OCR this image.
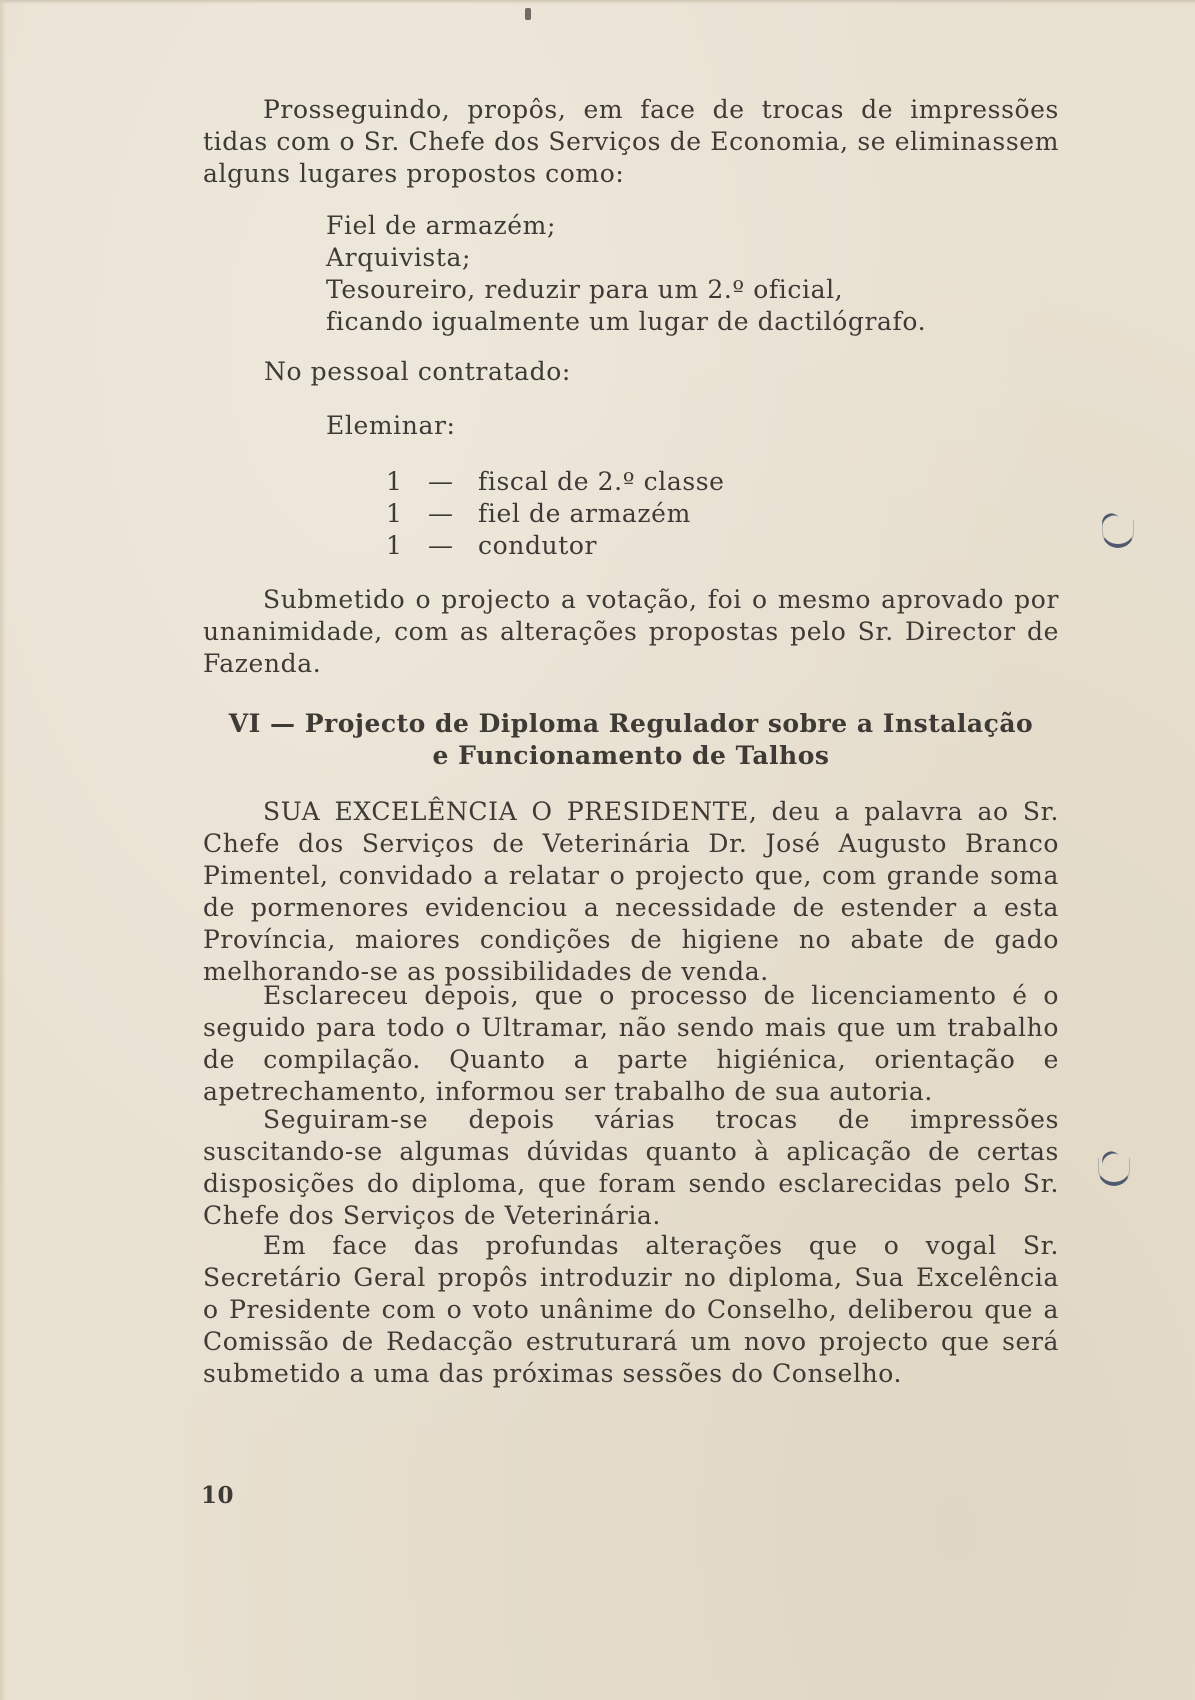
Prosseguindo, propôs, em face de trocas de impressões tidas com o Sr. Chefe dos Serviços de Economia, se eliminassem alguns lugares propostos como:

Fiel de armazém;
Arquivista;
Tesoureiro, reduzir para um 2.º oficial,
ficando igualmente um lugar de dactilógrafo.

No pessoal contratado:

Eleminar:

1	— fiscal de 2.º classe
1	— fiel de armazém
1	— condutor

Submetido o projecto a votação, foi o mesmo aprovado por unanimidade, com as alterações propostas pelo Sr. Director de Fazenda.

VI — Projecto de Diploma Regulador sobre a Instalação
e Funcionamento de Talhos

SUA EXCELÊNCIA O PRESIDENTE, deu a palavra ao Sr. Chefe dos Serviços de Veterinária Dr. José Augusto Branco Pimentel, convidado a relatar o projecto que, com grande soma de pormenores evidenciou a necessidade de estender a esta Província, maiores condições de higiene no abate de gado melhorando-se as possibilidades de venda.

Esclareceu depois, que o processo de licenciamento é o seguido para todo o Ultramar, não sendo mais que um trabalho de compilação. Quanto a parte higiénica, orientação e apetrechamento, informou ser trabalho de sua autoria.

Seguiram-se depois várias trocas de impressões suscitando-se algumas dúvidas quanto à aplicação de certas disposições do diploma, que foram sendo esclarecidas pelo Sr. Chefe dos Serviços de Veterinária.

Em face das profundas alterações que o vogal Sr. Secretário Geral propôs introduzir no diploma, Sua Excelência o Presidente com o voto unânime do Conselho, deliberou que a Comissão de Redacção estruturará um novo projecto que será submetido a uma das próximas sessões do Conselho.

10
